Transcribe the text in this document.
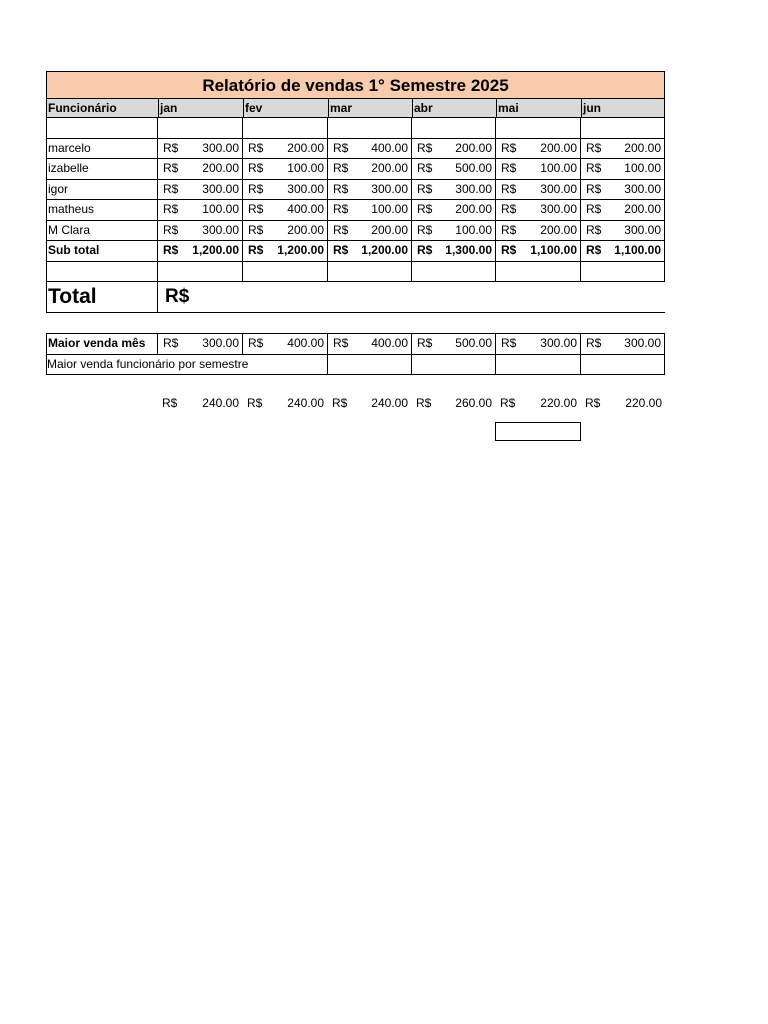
Relatório de vendas 1° Semestre 2025
Funcionário	jan	fev	mar	abr	mai	jun
marcelo	R$ 300.00 R$ 200.00 R$ 400.00 R$ 200.00 R$ 200.00 R$ 200.00
izabelle	R$ 200.00 R$ 100.00 R$ 200.00 R$ 500.00 R$ 100.00 R$ 100.00
igor	R$ 300.00 R$ 300.00 R$ 300.00 R$ 300.00 R$ 300.00 R$ 300.00
matheus	R$ 100.00 R$ 400.00 R$ 100.00 R$ 200.00 R$ 300.00 R$ 200.00
M Clara	R$ 300.00 R$ 200.00 R$ 200.00 R$ 100.00 R$ 200.00 R$ 300.00
Sub total	R$ 1,200.00 R$ 1,200.00 R$ 1,200.00 R$ 1,300.00 R$ 1,100.00 R$ 1,100.00
Total	R$
Maior venda mês	R$ 300.00 R$ 400.00 R$ 400.00 R$ 500.00 R$ 300.00 R$ 300.00
Maior venda funcionário por semestre
R$ 240.00 R$ 240.00 R$ 240.00 R$ 260.00 R$ 220.00 R$ 220.00
